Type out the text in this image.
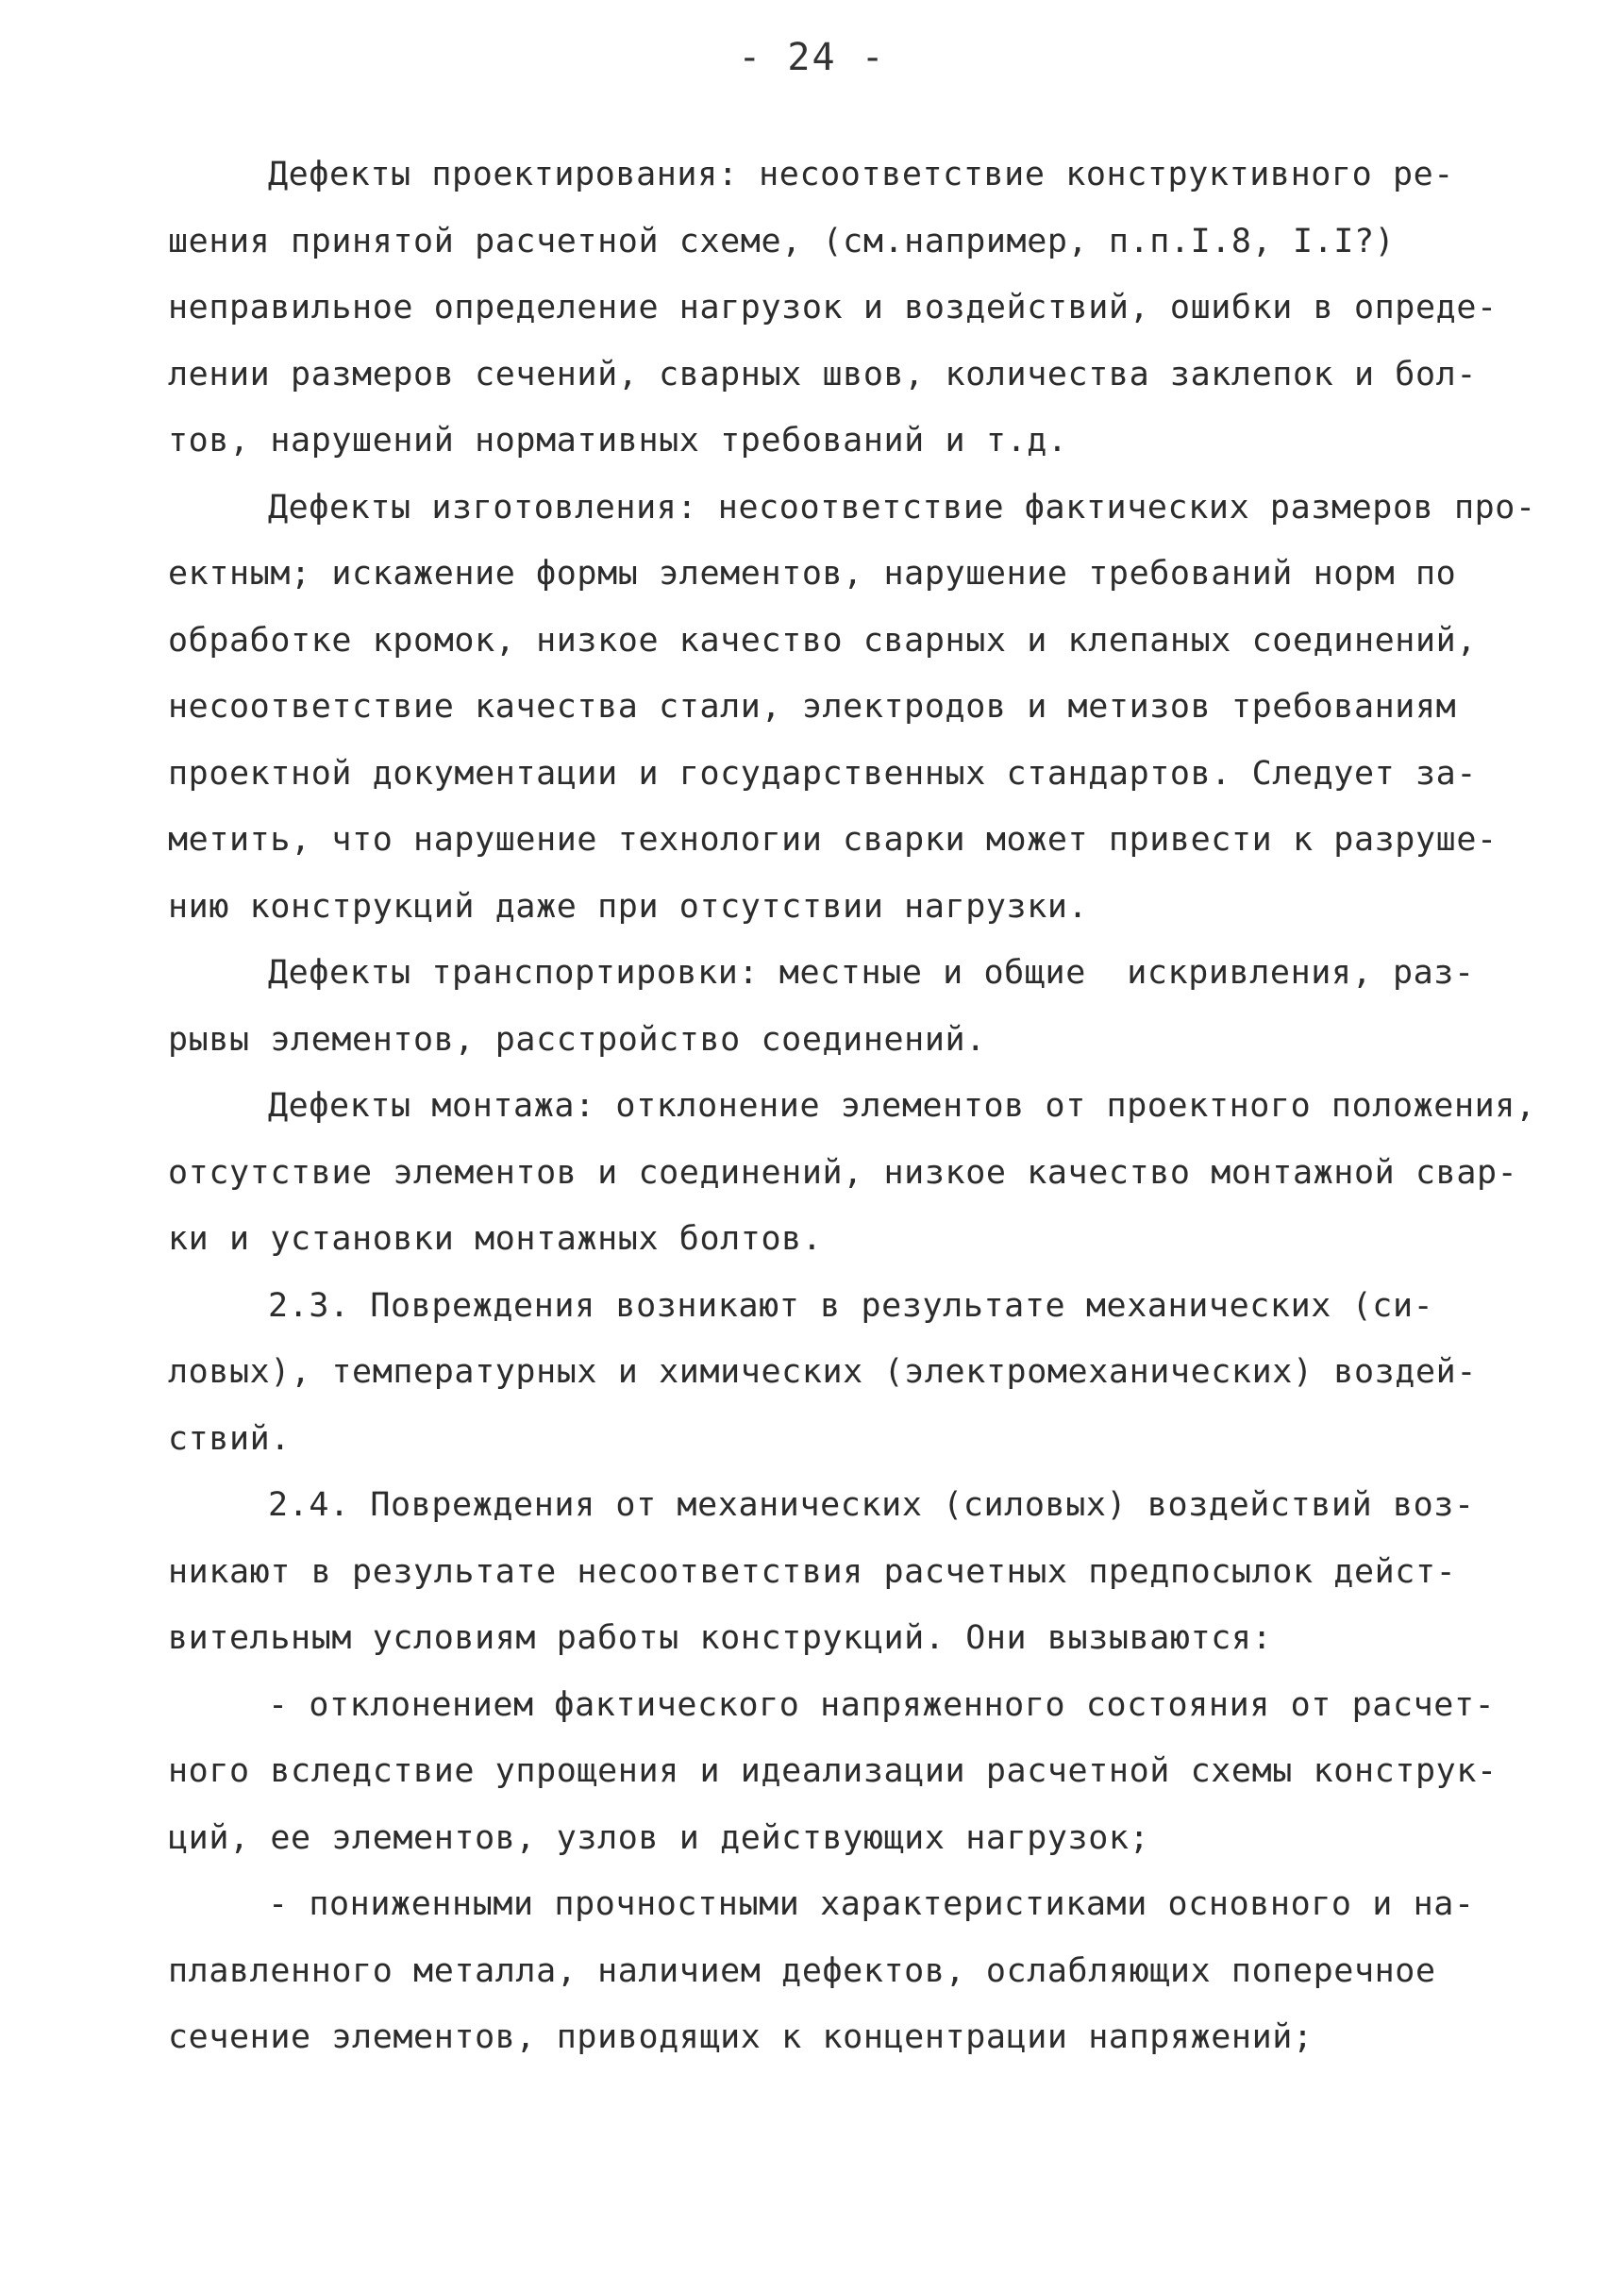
- 24 -
Дефекты проектирования: несоответствие конструктивного ре-
шения принятой расчетной схеме, (см.например, п.п.I.8, I.I?)
неправильное определение нагрузок и воздействий, ошибки в опреде-
лении размеров сечений, сварных швов, количества заклепок и бол-
тов, нарушений нормативных требований и т.д.
Дефекты изготовления: несоответствие фактических размеров про-
ектным; искажение формы элементов, нарушение требований норм по
обработке кромок, низкое качество сварных и клепаных соединений,
несоответствие качества стали, электродов и метизов требованиям
проектной документации и государственных стандартов. Следует за-
метить, что нарушение технологии сварки может привести к разруше-
нию конструкций даже при отсутствии нагрузки.
Дефекты транспортировки: местные и общие  искривления, раз-
рывы элементов, расстройство соединений.
Дефекты монтажа: отклонение элементов от проектного положения,
отсутствие элементов и соединений, низкое качество монтажной свар-
ки и установки монтажных болтов.
2.3. Повреждения возникают в результате механических (си-
ловых), температурных и химических (электромеханических) воздей-
ствий.
2.4. Повреждения от механических (силовых) воздействий воз-
никают в результате несоответствия расчетных предпосылок дейст-
вительным условиям работы конструкций. Они вызываются:
- отклонением фактического напряженного состояния от расчет-
ного вследствие упрощения и идеализации расчетной схемы конструк-
ций, ее элементов, узлов и действующих нагрузок;
- пониженными прочностными характеристиками основного и на-
плавленного металла, наличием дефектов, ослабляющих поперечное
сечение элементов, приводящих к концентрации напряжений;
